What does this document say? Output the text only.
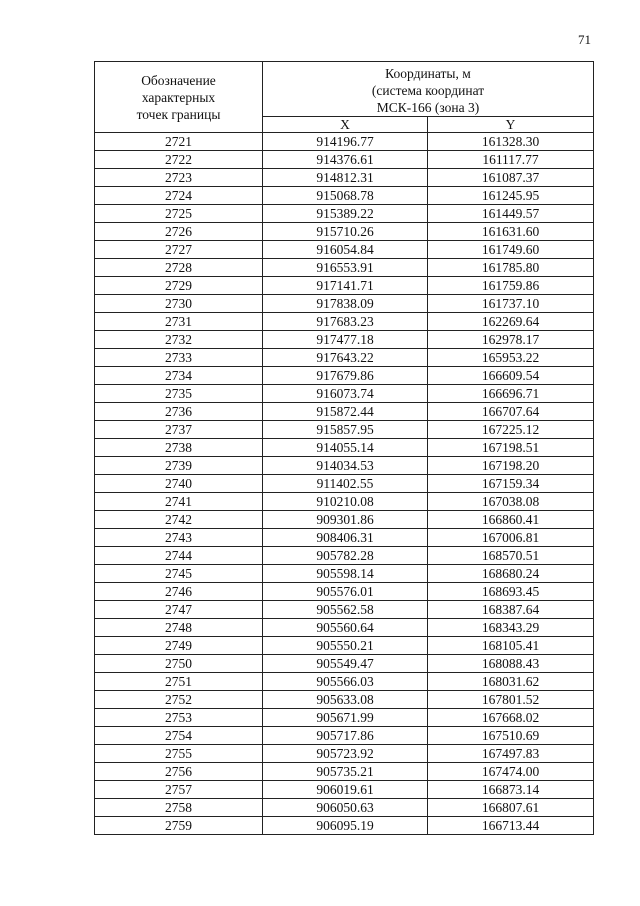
71
Обозначение
характерных
точек границы	Координаты, м
(система координат
МСК-166 (зона 3)	

	X	Y
2721	914196.77	161328.30
2722	914376.61	161117.77
2723	914812.31	161087.37
2724	915068.78	161245.95
2725	915389.22	161449.57
2726	915710.26	161631.60
2727	916054.84	161749.60
2728	916553.91	161785.80
2729	917141.71	161759.86
2730	917838.09	161737.10
2731	917683.23	162269.64
2732	917477.18	162978.17
2733	917643.22	165953.22
2734	917679.86	166609.54
2735	916073.74	166696.71
2736	915872.44	166707.64
2737	915857.95	167225.12
2738	914055.14	167198.51
2739	914034.53	167198.20
2740	911402.55	167159.34
2741	910210.08	167038.08
2742	909301.86	166860.41
2743	908406.31	167006.81
2744	905782.28	168570.51
2745	905598.14	168680.24
2746	905576.01	168693.45
2747	905562.58	168387.64
2748	905560.64	168343.29
2749	905550.21	168105.41
2750	905549.47	168088.43
2751	905566.03	168031.62
2752	905633.08	167801.52
2753	905671.99	167668.02
2754	905717.86	167510.69
2755	905723.92	167497.83
2756	905735.21	167474.00
2757	906019.61	166873.14
2758	906050.63	166807.61
2759	906095.19	166713.44
